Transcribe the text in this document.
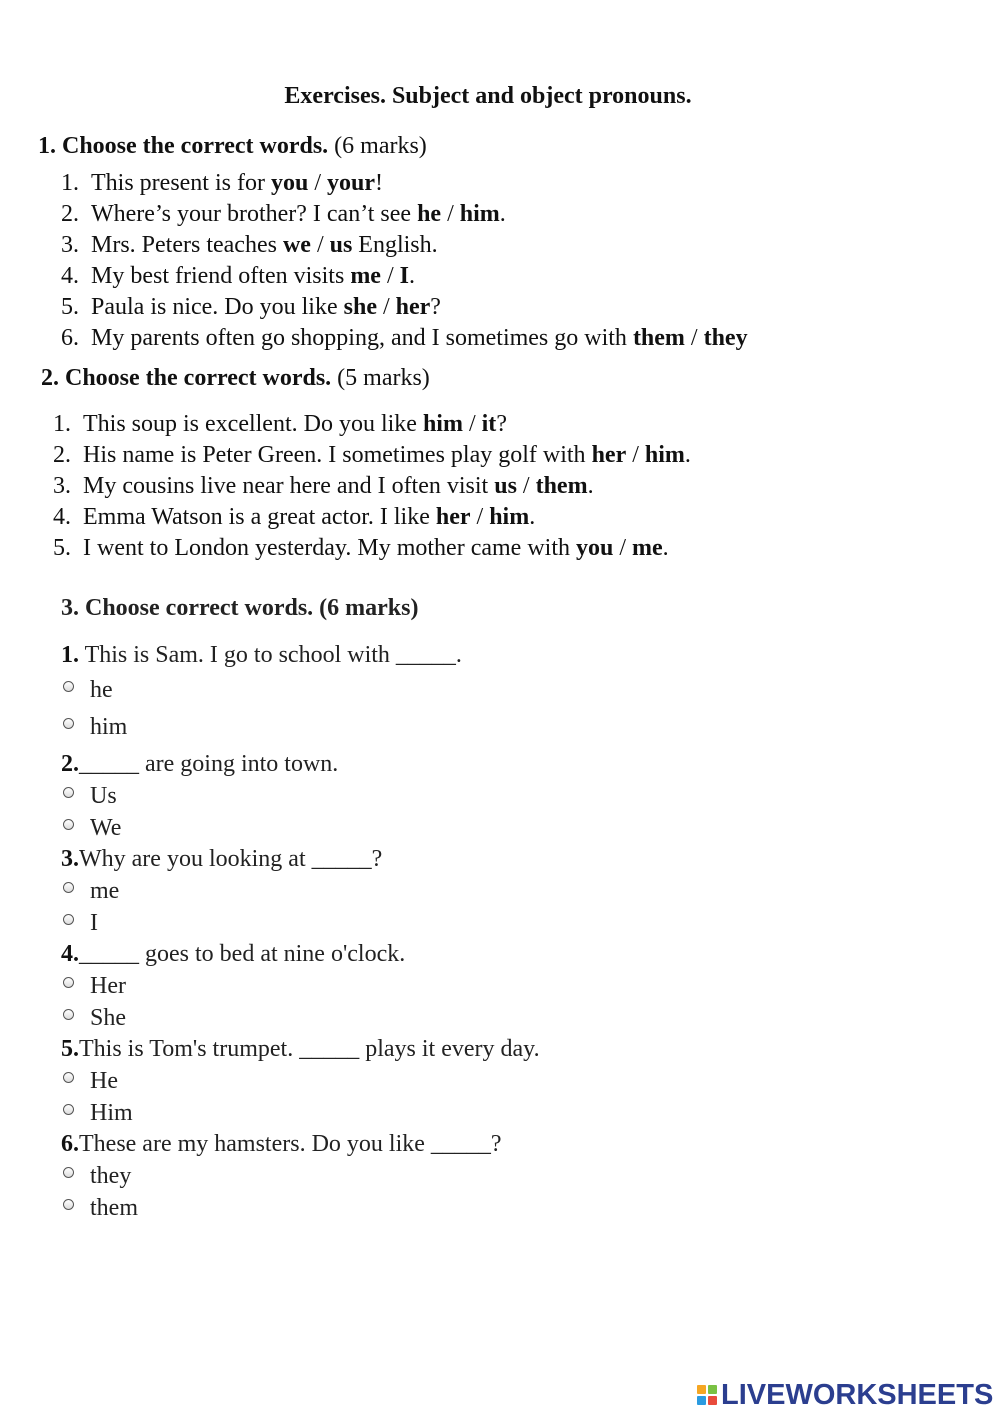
Exercises. Subject and object pronouns.
1. Choose the correct words. (6 marks)
1. This present is for you / your!
2. Where’s your brother? I can’t see he / him.
3. Mrs. Peters teaches we / us English.
4. My best friend often visits me / I.
5. Paula is nice. Do you like she / her?
6. My parents often go shopping, and I sometimes go with them / they
2. Choose the correct words. (5 marks)
1. This soup is excellent. Do you like him / it?
2. His name is Peter Green. I sometimes play golf with her / him.
3. My cousins live near here and I often visit us / them.
4. Emma Watson is a great actor. I like her / him.
5. I went to London yesterday. My mother came with you / me.
3. Choose correct words. (6 marks)
1. This is Sam. I go to school with _____.
he
him
2._____ are going into town.
Us
We
3.Why are you looking at _____?
me
I
4._____ goes to bed at nine o'clock.
Her
She
5.This is Tom's trumpet. _____ plays it every day.
He
Him
6.These are my hamsters. Do you like _____?
they
them
LIVEWORKSHEETS
